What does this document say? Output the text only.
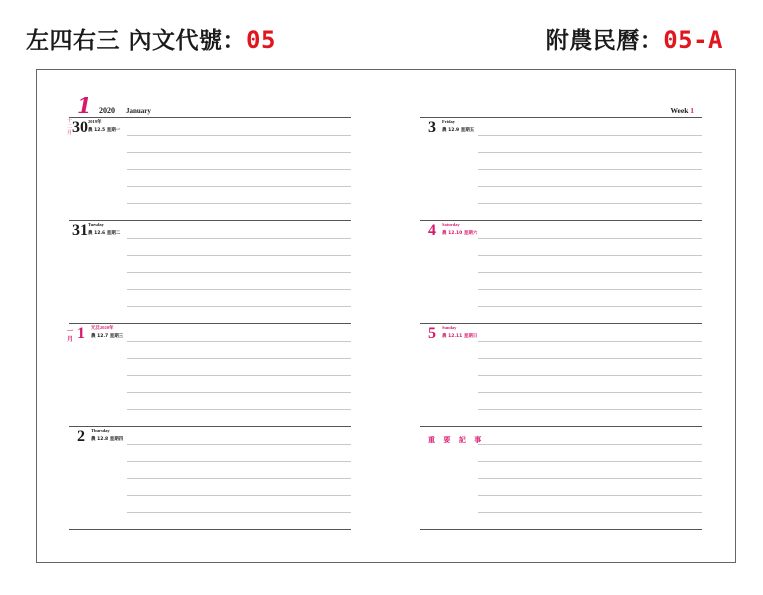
左四右三 內文代號：05	附農民曆：05-A
1 2020 January
十二月 30 2019年
農 12.5 星期一
31 Tuesday
農 12.6 星期二
一月 1 元旦2020年
農 12.7 星期三
2 Thursday
農 12.8 星期四
Week 1
3 Friday
農 12.9 星期五
4 Saturday
農 12.10 星期六
5 Sunday
農 12.11 星期日
重 要 記 事
